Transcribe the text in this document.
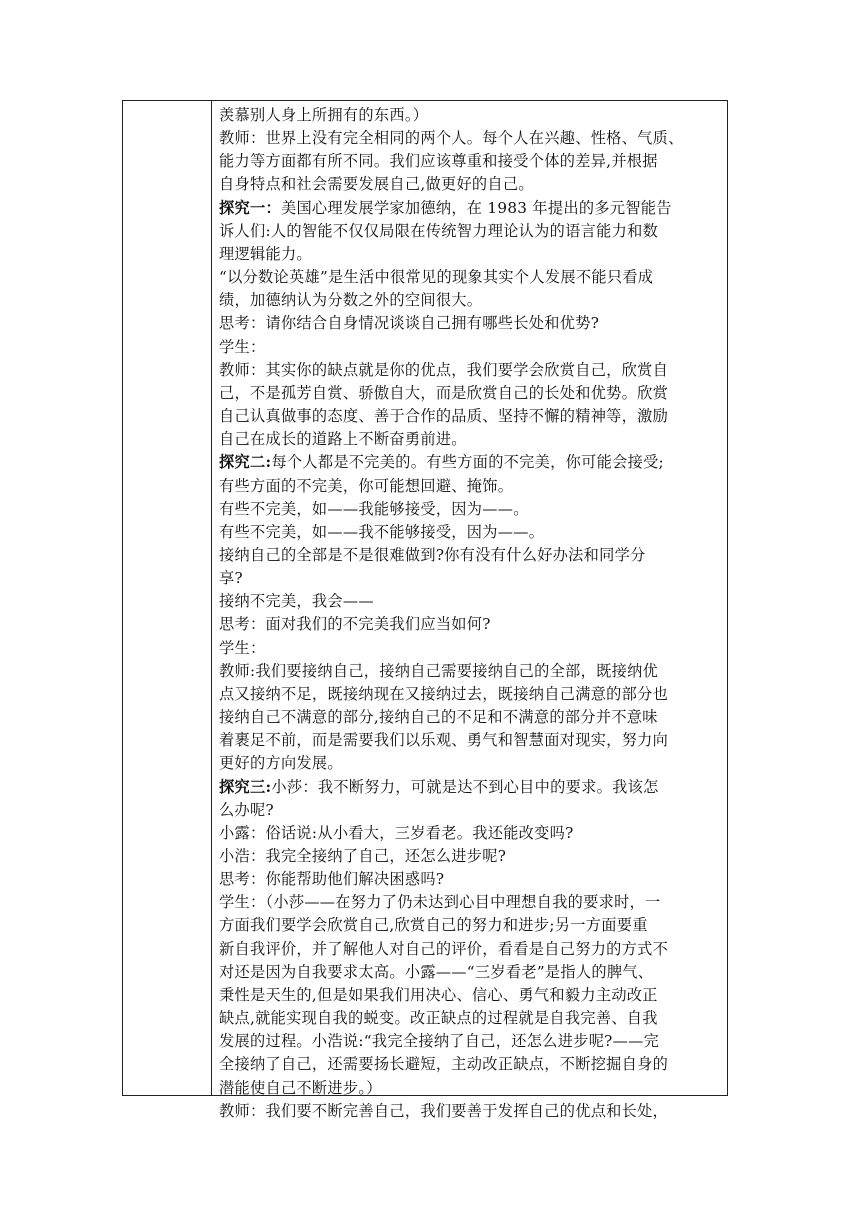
羡慕别人身上所拥有的东西。）
教师：世界上没有完全相同的两个人。每个人在兴趣、性格、气质、
能力等方面都有所不同。我们应该尊重和接受个体的差异,并根据
自身特点和社会需要发展自己,做更好的自己。
探究一：美国心理发展学家加德纳，在 1983 年提出的多元智能告
诉人们:人的智能不仅仅局限在传统智力理论认为的语言能力和数
理逻辑能力。
“以分数论英雄”是生活中很常见的现象其实个人发展不能只看成
绩，加德纳认为分数之外的空间很大。
思考：请你结合自身情况谈谈自己拥有哪些长处和优势?
学生：
教师：其实你的缺点就是你的优点，我们要学会欣赏自己，欣赏自
己，不是孤芳自赏、骄傲自大，而是欣赏自己的长处和优势。欣赏
自己认真做事的态度、善于合作的品质、坚持不懈的精神等，激励
自己在成长的道路上不断奋勇前进。
探究二:每个人都是不完美的。有些方面的不完美，你可能会接受;
有些方面的不完美，你可能想回避、掩饰。
有些不完美，如——我能够接受，因为——。
有些不完美，如——我不能够接受，因为——。
接纳自己的全部是不是很难做到?你有没有什么好办法和同学分
享?
接纳不完美，我会——
思考：面对我们的不完美我们应当如何?
学生：
教师:我们要接纳自己，接纳自己需要接纳自己的全部，既接纳优
点又接纳不足，既接纳现在又接纳过去，既接纳自己满意的部分也
接纳自己不满意的部分,接纳自己的不足和不满意的部分并不意味
着裹足不前，而是需要我们以乐观、勇气和智慧面对现实，努力向
更好的方向发展。
探究三:小莎：我不断努力，可就是达不到心目中的要求。我该怎
么办呢?
小露：俗话说:从小看大，三岁看老。我还能改变吗?
小浩：我完全接纳了自己，还怎么进步呢?
思考：你能帮助他们解决困惑吗?
学生：（小莎——在努力了仍未达到心目中理想自我的要求时，一
方面我们要学会欣赏自己,欣赏自己的努力和进步;另一方面要重
新自我评价，并了解他人对自己的评价，看看是自己努力的方式不
对还是因为自我要求太高。小露——“三岁看老”是指人的脾气、
秉性是天生的,但是如果我们用决心、信心、勇气和毅力主动改正
缺点,就能实现自我的蜕变。改正缺点的过程就是自我完善、自我
发展的过程。小浩说:“我完全接纳了自己，还怎么进步呢?——完
全接纳了自己，还需要扬长避短，主动改正缺点，不断挖掘自身的
潜能使自己不断进步。）
教师：我们要不断完善自己，我们要善于发挥自己的优点和长处，
